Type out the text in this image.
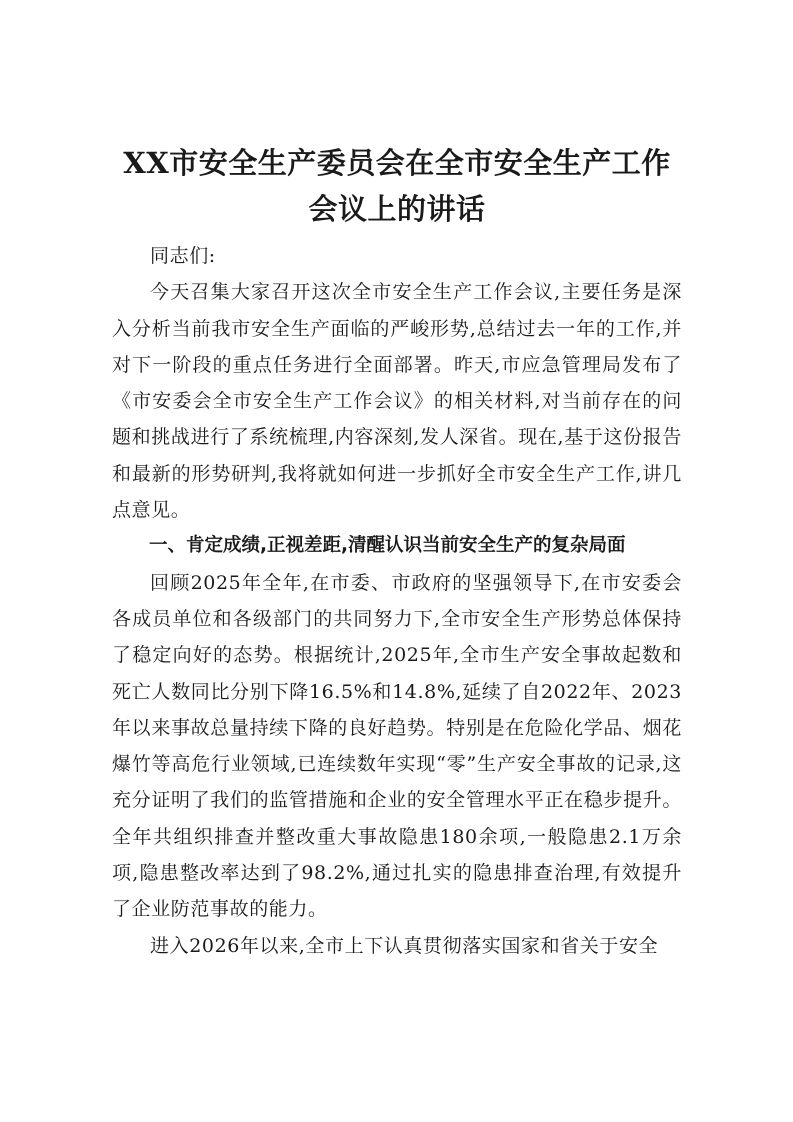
XX市安全生产委员会在全市安全生产工作会议上的讲话

同志们:

今天召集大家召开这次全市安全生产工作会议,主要任务是深入分析当前我市安全生产面临的严峻形势,总结过去一年的工作,并对下一阶段的重点任务进行全面部署。昨天,市应急管理局发布了《市安委会全市安全生产工作会议》的相关材料,对当前存在的问题和挑战进行了系统梳理,内容深刻,发人深省。现在,基于这份报告和最新的形势研判,我将就如何进一步抓好全市安全生产工作,讲几点意见。

一、肯定成绩,正视差距,清醒认识当前安全生产的复杂局面

回顾2025年全年,在市委、市政府的坚强领导下,在市安委会各成员单位和各级部门的共同努力下,全市安全生产形势总体保持了稳定向好的态势。根据统计,2025年,全市生产安全事故起数和死亡人数同比分别下降16.5%和14.8%,延续了自2022年、2023年以来事故总量持续下降的良好趋势。特别是在危险化学品、烟花爆竹等高危行业领域,已连续数年实现“零”生产安全事故的记录,这充分证明了我们的监管措施和企业的安全管理水平正在稳步提升。全年共组织排查并整改重大事故隐患180余项,一般隐患2.1万余项,隐患整改率达到了98.2%,通过扎实的隐患排查治理,有效提升了企业防范事故的能力。

进入2026年以来,全市上下认真贯彻落实国家和省关于安全
